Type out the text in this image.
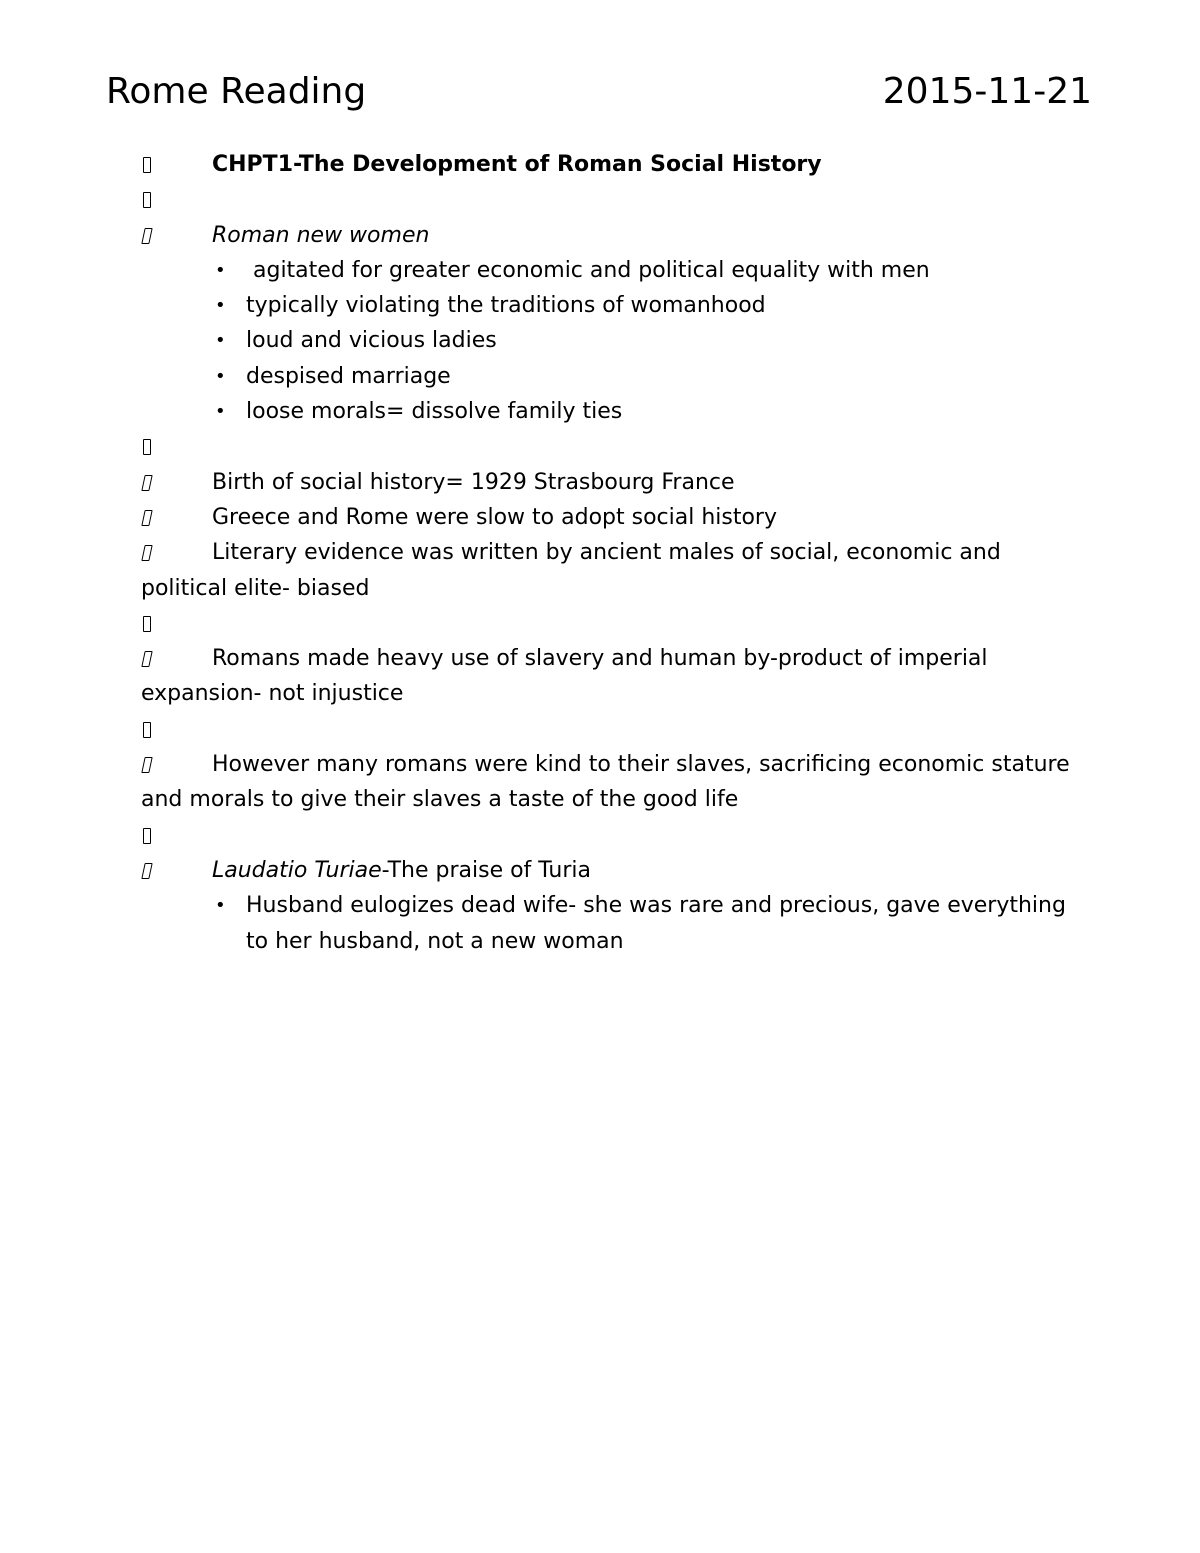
Rome Reading	2015-11-21

CHPT1-The Development of Roman Social History

Roman new women

• agitated for greater economic and political equality with men
• typically violating the traditions of womanhood
• loud and vicious ladies
• despised marriage
• loose morals= dissolve family ties

Birth of social history= 1929 Strasbourg France

Greece and Rome were slow to adopt social history

Literary evidence was written by ancient males of social, economic and political elite- biased

Romans made heavy use of slavery and human by-product of imperial expansion- not injustice

However many romans were kind to their slaves, sacrificing economic stature and morals to give their slaves a taste of the good life

Laudatio Turiae-The praise of Turia

• Husband eulogizes dead wife- she was rare and precious, gave everything to her husband, not a new woman
